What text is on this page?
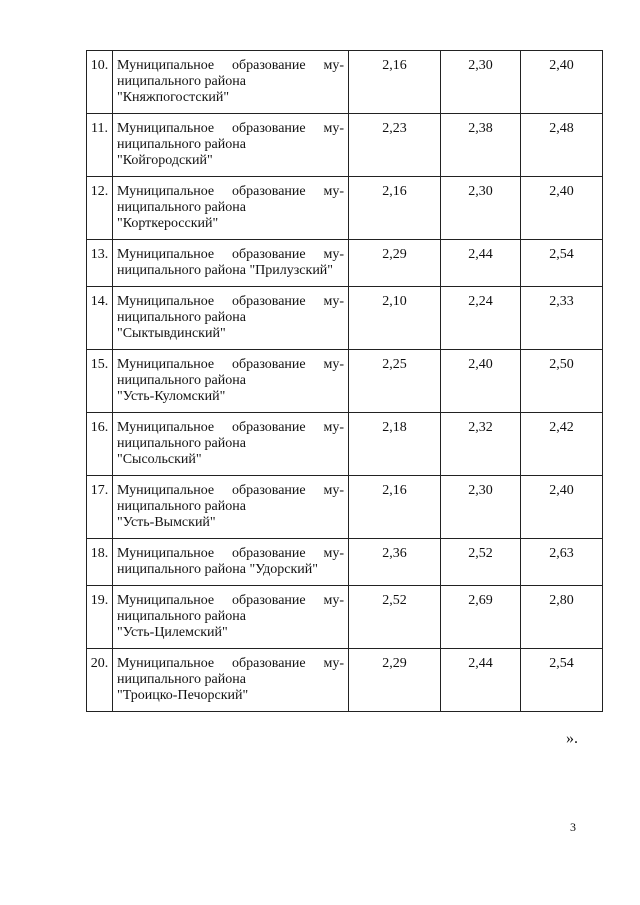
10.	Муниципальное образование му-
ниципального района
"Княжпогостский"	2,16	2,30	2,40
11.	Муниципальное образование му-
ниципального района
"Койгородский"	2,23	2,38	2,48
12.	Муниципальное образование му-
ниципального района
"Корткеросский"	2,16	2,30	2,40
13.	Муниципальное образование му-
ниципального района "Прилузский"	2,29	2,44	2,54
14.	Муниципальное образование му-
ниципального района
"Сыктывдинский"	2,10	2,24	2,33
15.	Муниципальное образование му-
ниципального района
"Усть-Куломский"	2,25	2,40	2,50
16.	Муниципальное образование му-
ниципального района
"Сысольский"	2,18	2,32	2,42
17.	Муниципальное образование му-
ниципального района
"Усть-Вымский"	2,16	2,30	2,40
18.	Муниципальное образование му-
ниципального района "Удорский"	2,36	2,52	2,63
19.	Муниципальное образование му-
ниципального района
"Усть-Цилемский"	2,52	2,69	2,80
20.	Муниципальное образование му-
ниципального района
"Троицко-Печорский"	2,29	2,44	2,54
».
3
